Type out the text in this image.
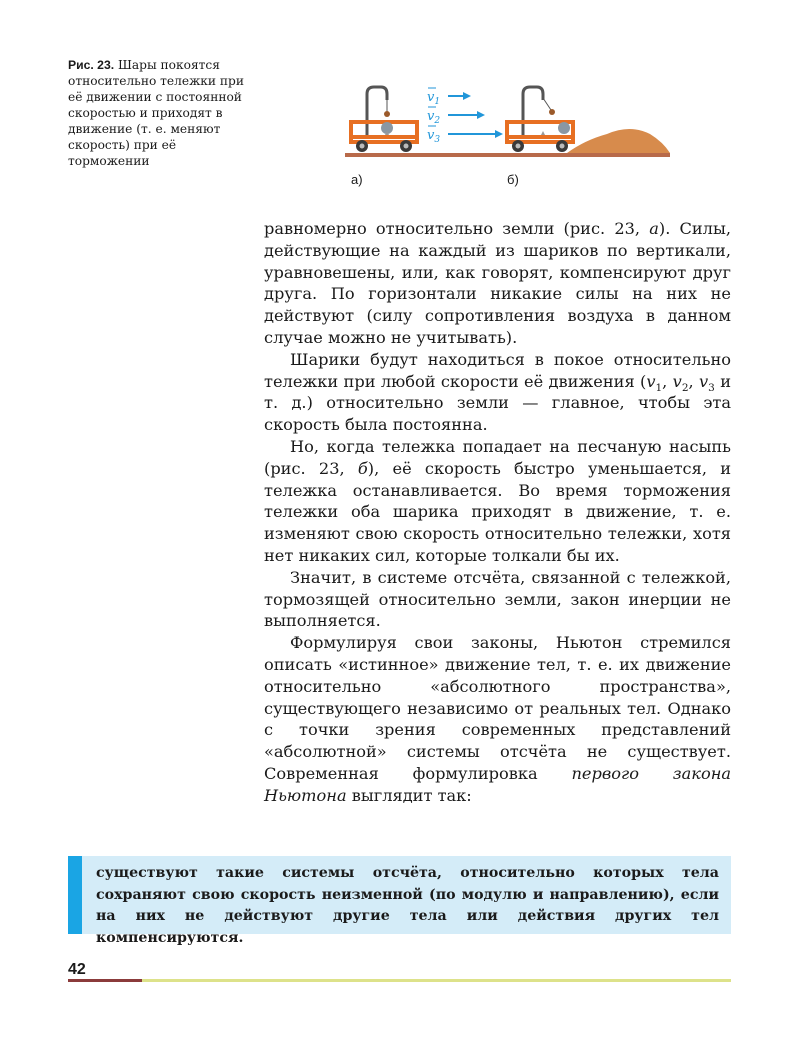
Рис. 23. Шары покоятся относительно тележки при её движении с постоянной скоростью и приходят в движение (т. е. меняют скорость) при её торможении
$v_1$
$v_2$
$v_3$
а)	б)

равномерно относительно земли (рис. 23, а). Силы, действующие на каждый из шариков по вертикали, уравновешены, или, как говорят, компенсируют друг друга. По горизонтали никакие силы на них не действуют (силу сопротивления воздуха в данном случае можно не учитывать).

Шарики будут находиться в покое относительно тележки при любой скорости её движения ($v_1$, $v_2$, $v_3$ и т. д.) относительно земли — главное, чтобы эта скорость была постоянна.

Но, когда тележка попадает на песчаную насыпь (рис. 23, б), её скорость быстро уменьшается, и тележка останавливается. Во время торможения тележки оба шарика приходят в движение, т. е. изменяют свою скорость относительно тележки, хотя нет никаких сил, которые толкали бы их.

Значит, в системе отсчёта, связанной с тележкой, тормозящей относительно земли, закон инерции не выполняется.

Формулируя свои законы, Ньютон стремился описать «истинное» движение тел, т. е. их движение относительно «абсолютного пространства», существующего независимо от реальных тел. Однако с точки зрения современных представлений «абсолютной» системы отсчёта не существует. Современная формулировка первого закона Ньютона выглядит так:

существуют такие системы отсчёта, относительно которых тела сохраняют свою скорость неизменной (по модулю и направлению), если на них не действуют другие тела или действия других тел компенсируются.

42
